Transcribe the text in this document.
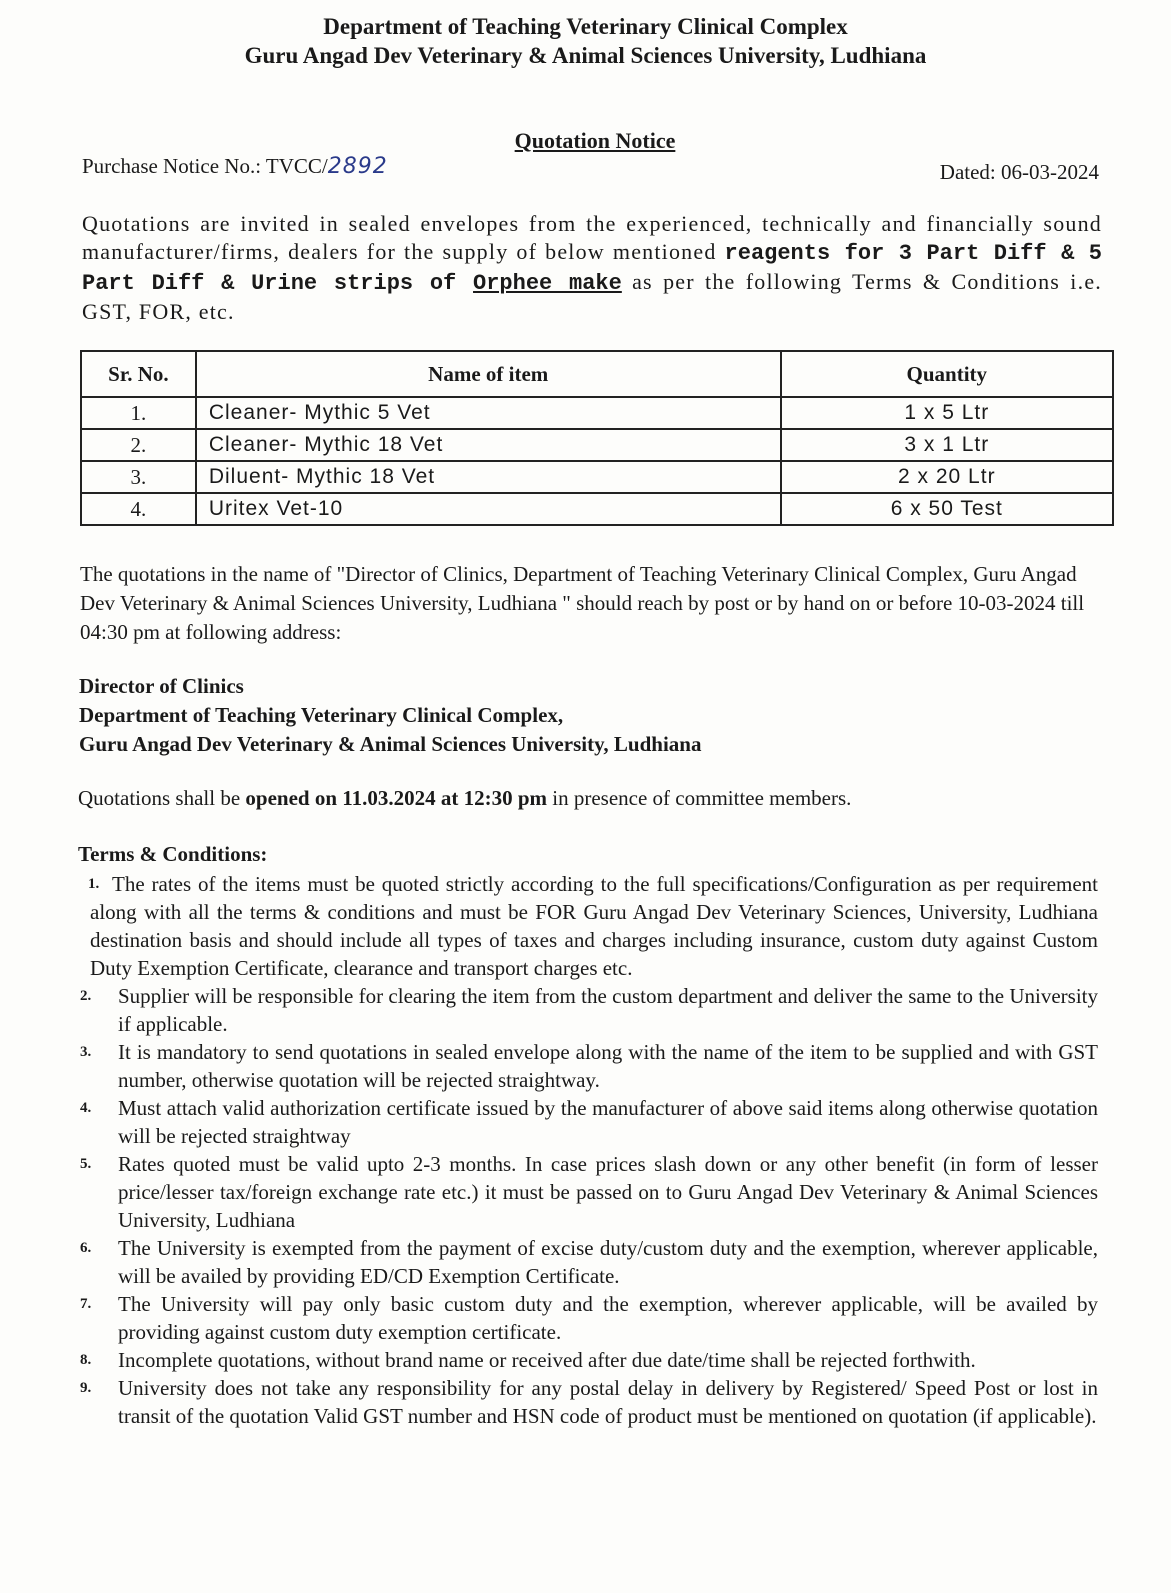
Department of Teaching Veterinary Clinical Complex
Guru Angad Dev Veterinary & Animal Sciences University, Ludhiana
Quotation Notice
Purchase Notice No.: TVCC/2892	Dated: 06-03-2024
Quotations are invited in sealed envelopes from the experienced, technically and financially sound manufacturer/firms, dealers for the supply of below mentioned reagents for 3 Part Diff & 5 Part Diff & Urine strips of Orphee make as per the following Terms & Conditions i.e. GST, FOR, etc.
Sr. No.	Name of item	Quantity
1.	Cleaner- Mythic 5 Vet	1 x 5 Ltr
2.	Cleaner- Mythic 18 Vet	3 x 1 Ltr
3.	Diluent- Mythic 18 Vet	2 x 20 Ltr
4.	Uritex Vet-10	6 x 50 Test
The quotations in the name of "Director of Clinics, Department of Teaching Veterinary Clinical Complex, Guru Angad Dev Veterinary & Animal Sciences University, Ludhiana " should reach by post or by hand on or before 10-03-2024 till 04:30 pm at following address:
Director of Clinics
Department of Teaching Veterinary Clinical Complex,
Guru Angad Dev Veterinary & Animal Sciences University, Ludhiana
Quotations shall be opened on 11.03.2024 at 12:30 pm in presence of committee members.
Terms & Conditions:
1. The rates of the items must be quoted strictly according to the full specifications/Configuration as per requirement along with all the terms & conditions and must be FOR Guru Angad Dev Veterinary Sciences, University, Ludhiana destination basis and should include all types of taxes and charges including insurance, custom duty against Custom Duty Exemption Certificate, clearance and transport charges etc.
2. Supplier will be responsible for clearing the item from the custom department and deliver the same to the University if applicable.
3. It is mandatory to send quotations in sealed envelope along with the name of the item to be supplied and with GST number, otherwise quotation will be rejected straightway.
4. Must attach valid authorization certificate issued by the manufacturer of above said items along otherwise quotation will be rejected straightway
5. Rates quoted must be valid upto 2-3 months. In case prices slash down or any other benefit (in form of lesser price/lesser tax/foreign exchange rate etc.) it must be passed on to Guru Angad Dev Veterinary & Animal Sciences University, Ludhiana
6. The University is exempted from the payment of excise duty/custom duty and the exemption, wherever applicable, will be availed by providing ED/CD Exemption Certificate.
7. The University will pay only basic custom duty and the exemption, wherever applicable, will be availed by providing against custom duty exemption certificate.
8. Incomplete quotations, without brand name or received after due date/time shall be rejected forthwith.
9. University does not take any responsibility for any postal delay in delivery by Registered/ Speed Post or lost in transit of the quotation Valid GST number and HSN code of product must be mentioned on quotation (if applicable).
